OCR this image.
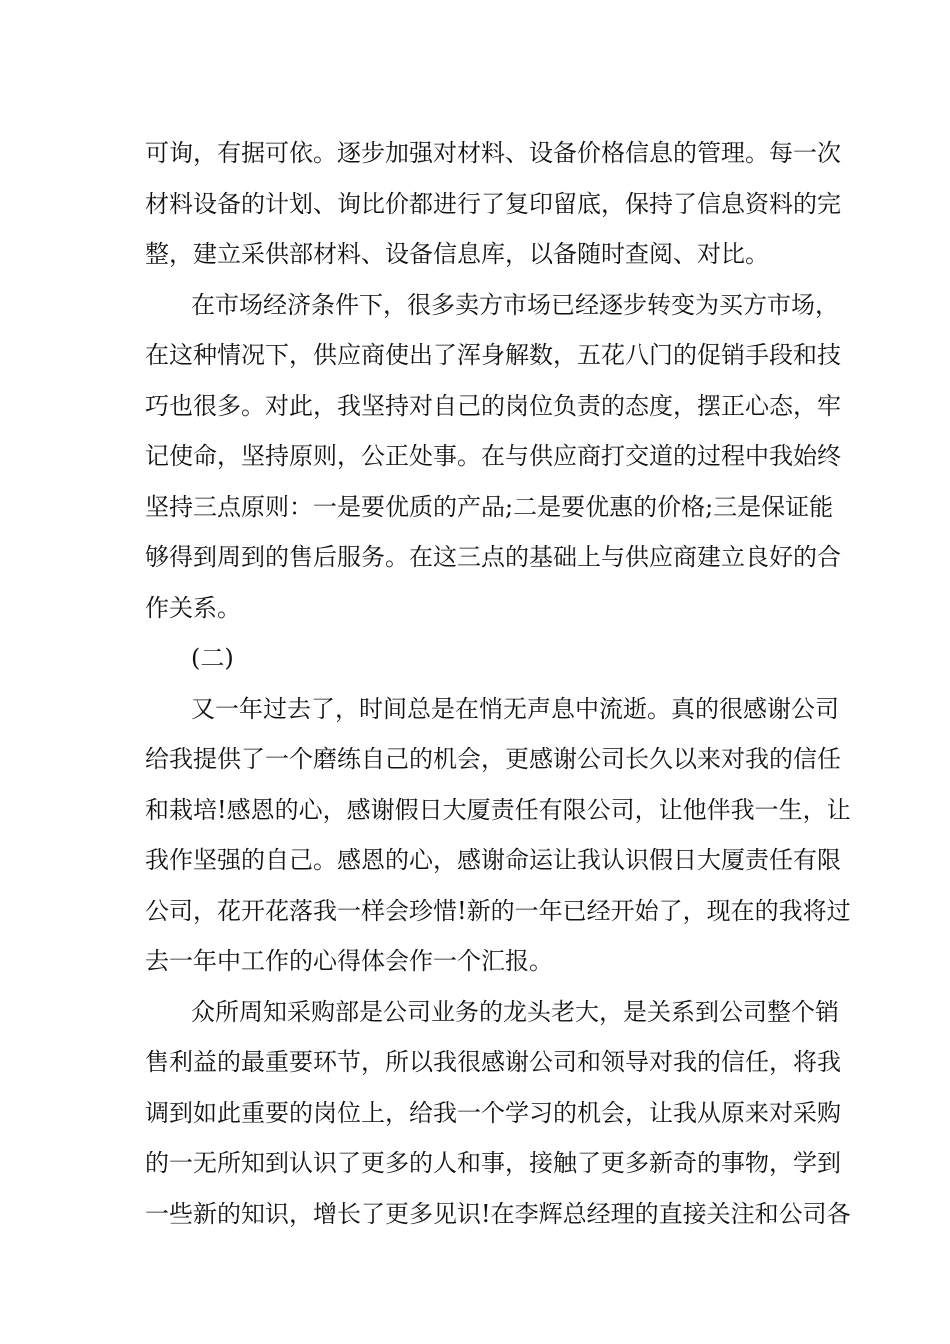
可询，有据可依。逐步加强对材料、设备价格信息的管理。每一次
材料设备的计划、询比价都进行了复印留底，保持了信息资料的完
整，建立采供部材料、设备信息库，以备随时查阅、对比。
在市场经济条件下，很多卖方市场已经逐步转变为买方市场，
在这种情况下，供应商使出了浑身解数，五花八门的促销手段和技
巧也很多。对此，我坚持对自己的岗位负责的态度，摆正心态，牢
记使命，坚持原则，公正处事。在与供应商打交道的过程中我始终
坚持三点原则：一是要优质的产品;二是要优惠的价格;三是保证能
够得到周到的售后服务。在这三点的基础上与供应商建立良好的合
作关系。
(二)
又一年过去了，时间总是在悄无声息中流逝。真的很感谢公司
给我提供了一个磨练自己的机会，更感谢公司长久以来对我的信任
和栽培!感恩的心，感谢假日大厦责任有限公司，让他伴我一生，让
我作坚强的自己。感恩的心，感谢命运让我认识假日大厦责任有限
公司，花开花落我一样会珍惜!新的一年已经开始了，现在的我将过
去一年中工作的心得体会作一个汇报。
众所周知采购部是公司业务的龙头老大，是关系到公司整个销
售利益的最重要环节，所以我很感谢公司和领导对我的信任，将我
调到如此重要的岗位上，给我一个学习的机会，让我从原来对采购
的一无所知到认识了更多的人和事，接触了更多新奇的事物，学到
一些新的知识，增长了更多见识!在李辉总经理的直接关注和公司各
